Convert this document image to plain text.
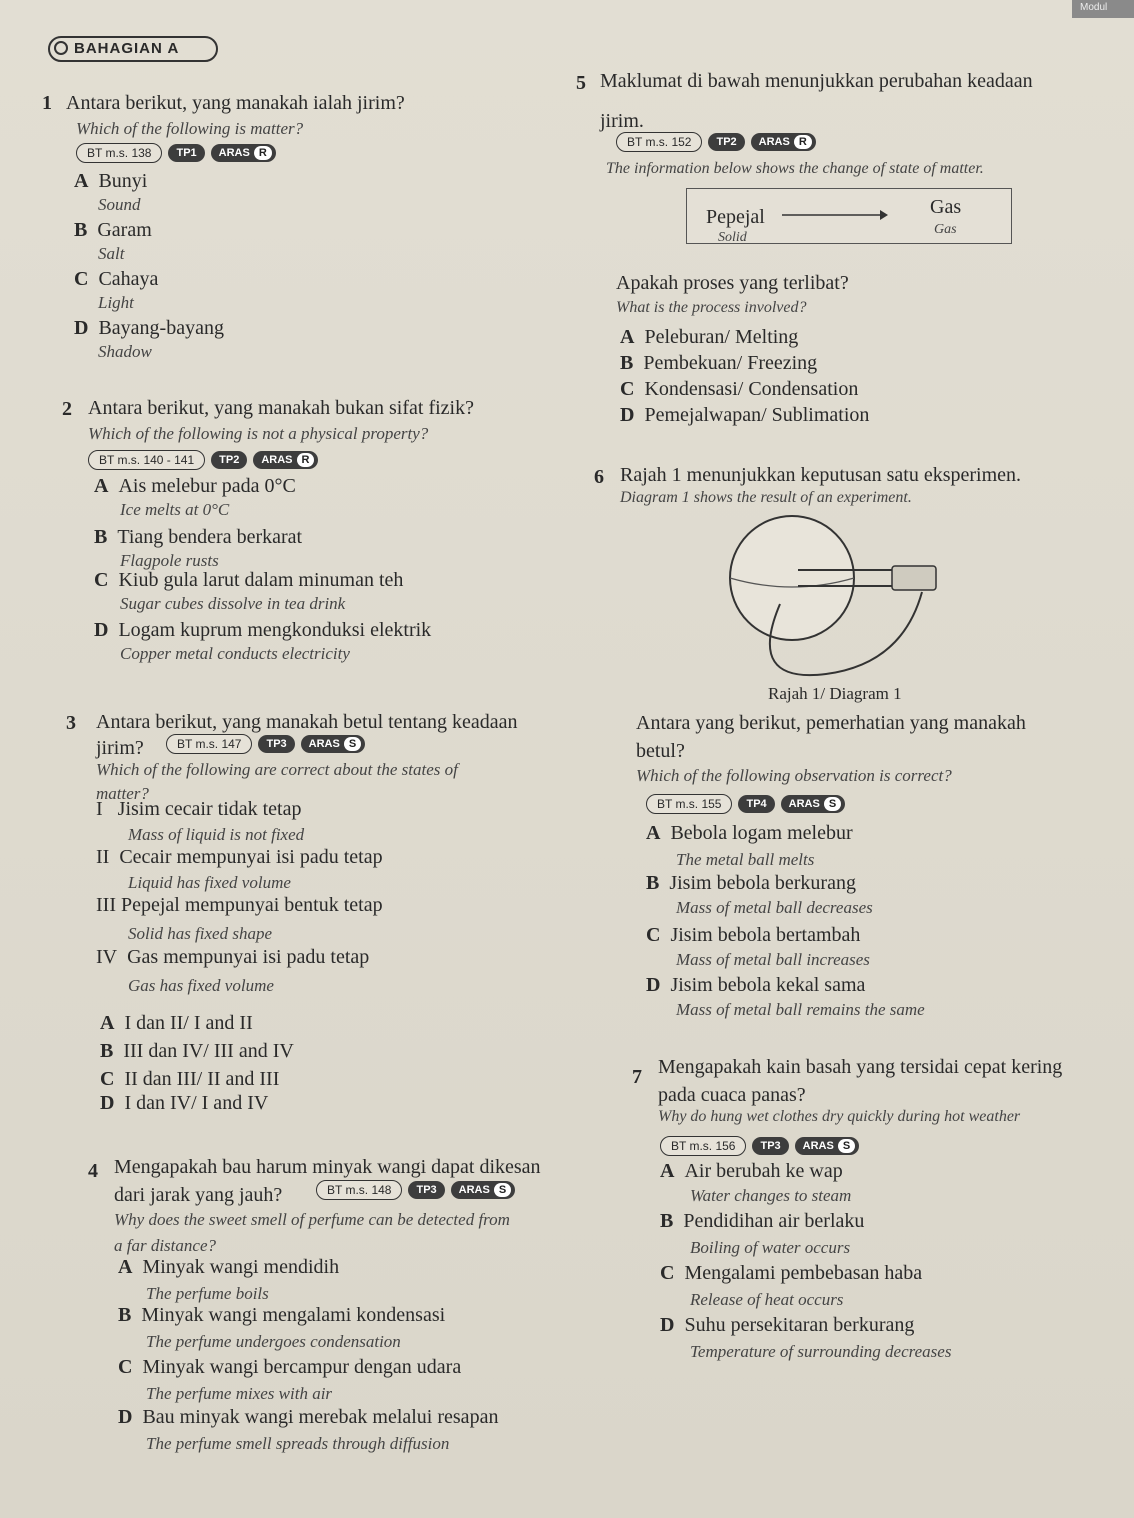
Modul
BAHAGIAN A
1 Antara berikut, yang manakah ialah jirim?
Which of the following is matter?
BT m.s. 138	TP1	ARAS R
A Bunyi
Sound
B Garam
Salt
C Cahaya
Light
D Bayang-bayang
Shadow
2 Antara berikut, yang manakah bukan sifat fizik?
Which of the following is not a physical property?
BT m.s. 140 - 141	TP2	ARAS R
A Ais melebur pada 0°C
Ice melts at 0°C
B Tiang bendera berkarat
Flagpole rusts
C Kiub gula larut dalam minuman teh
Sugar cubes dissolve in tea drink
D Logam kuprum mengkonduksi elektrik
Copper metal conducts electricity
3 Antara berikut, yang manakah betul tentang keadaan
jirim?	BT m.s. 147	TP3	ARAS S
Which of the following are correct about the states of
matter?
I Jisim cecair tidak tetap
Mass of liquid is not fixed
II Cecair mempunyai isi padu tetap
Liquid has fixed volume
III Pepejal mempunyai bentuk tetap
Solid has fixed shape
IV Gas mempunyai isi padu tetap
Gas has fixed volume
A I dan II/ I and II
B III dan IV/ III and IV
C II dan III/ II and III
D I dan IV/ I and IV
4 Mengapakah bau harum minyak wangi dapat dikesan
dari jarak yang jauh?	BT m.s. 148	TP3	ARAS S
Why does the sweet smell of perfume can be detected from
a far distance?
A Minyak wangi mendidih
The perfume boils
B Minyak wangi mengalami kondensasi
The perfume undergoes condensation
C Minyak wangi bercampur dengan udara
The perfume mixes with air
D Bau minyak wangi merebak melalui resapan
The perfume smell spreads through diffusion
5 Maklumat di bawah menunjukkan perubahan keadaan
jirim.
BT m.s. 152	TP2	ARAS R
The information below shows the change of state of matter.
Pepejal
Solid
Gas
Gas
Apakah proses yang terlibat?
What is the process involved?
A Peleburan/ Melting
B Pembekuan/ Freezing
C Kondensasi/ Condensation
D Pemejalwapan/ Sublimation
6 Rajah 1 menunjukkan keputusan satu eksperimen.
Diagram 1 shows the result of an experiment.
Rajah 1/ Diagram 1
Antara yang berikut, pemerhatian yang manakah
betul?
Which of the following observation is correct?
BT m.s. 155	TP4	ARAS S
A Bebola logam melebur
The metal ball melts
B Jisim bebola berkurang
Mass of metal ball decreases
C Jisim bebola bertambah
Mass of metal ball increases
D Jisim bebola kekal sama
Mass of metal ball remains the same
7 Mengapakah kain basah yang tersidai cepat kering
pada cuaca panas?
Why do hung wet clothes dry quickly during hot weather
BT m.s. 156	TP3	ARAS S
A Air berubah ke wap
Water changes to steam
B Pendidihan air berlaku
Boiling of water occurs
C Mengalami pembebasan haba
Release of heat occurs
D Suhu persekitaran berkurang
Temperature of surrounding decreases
